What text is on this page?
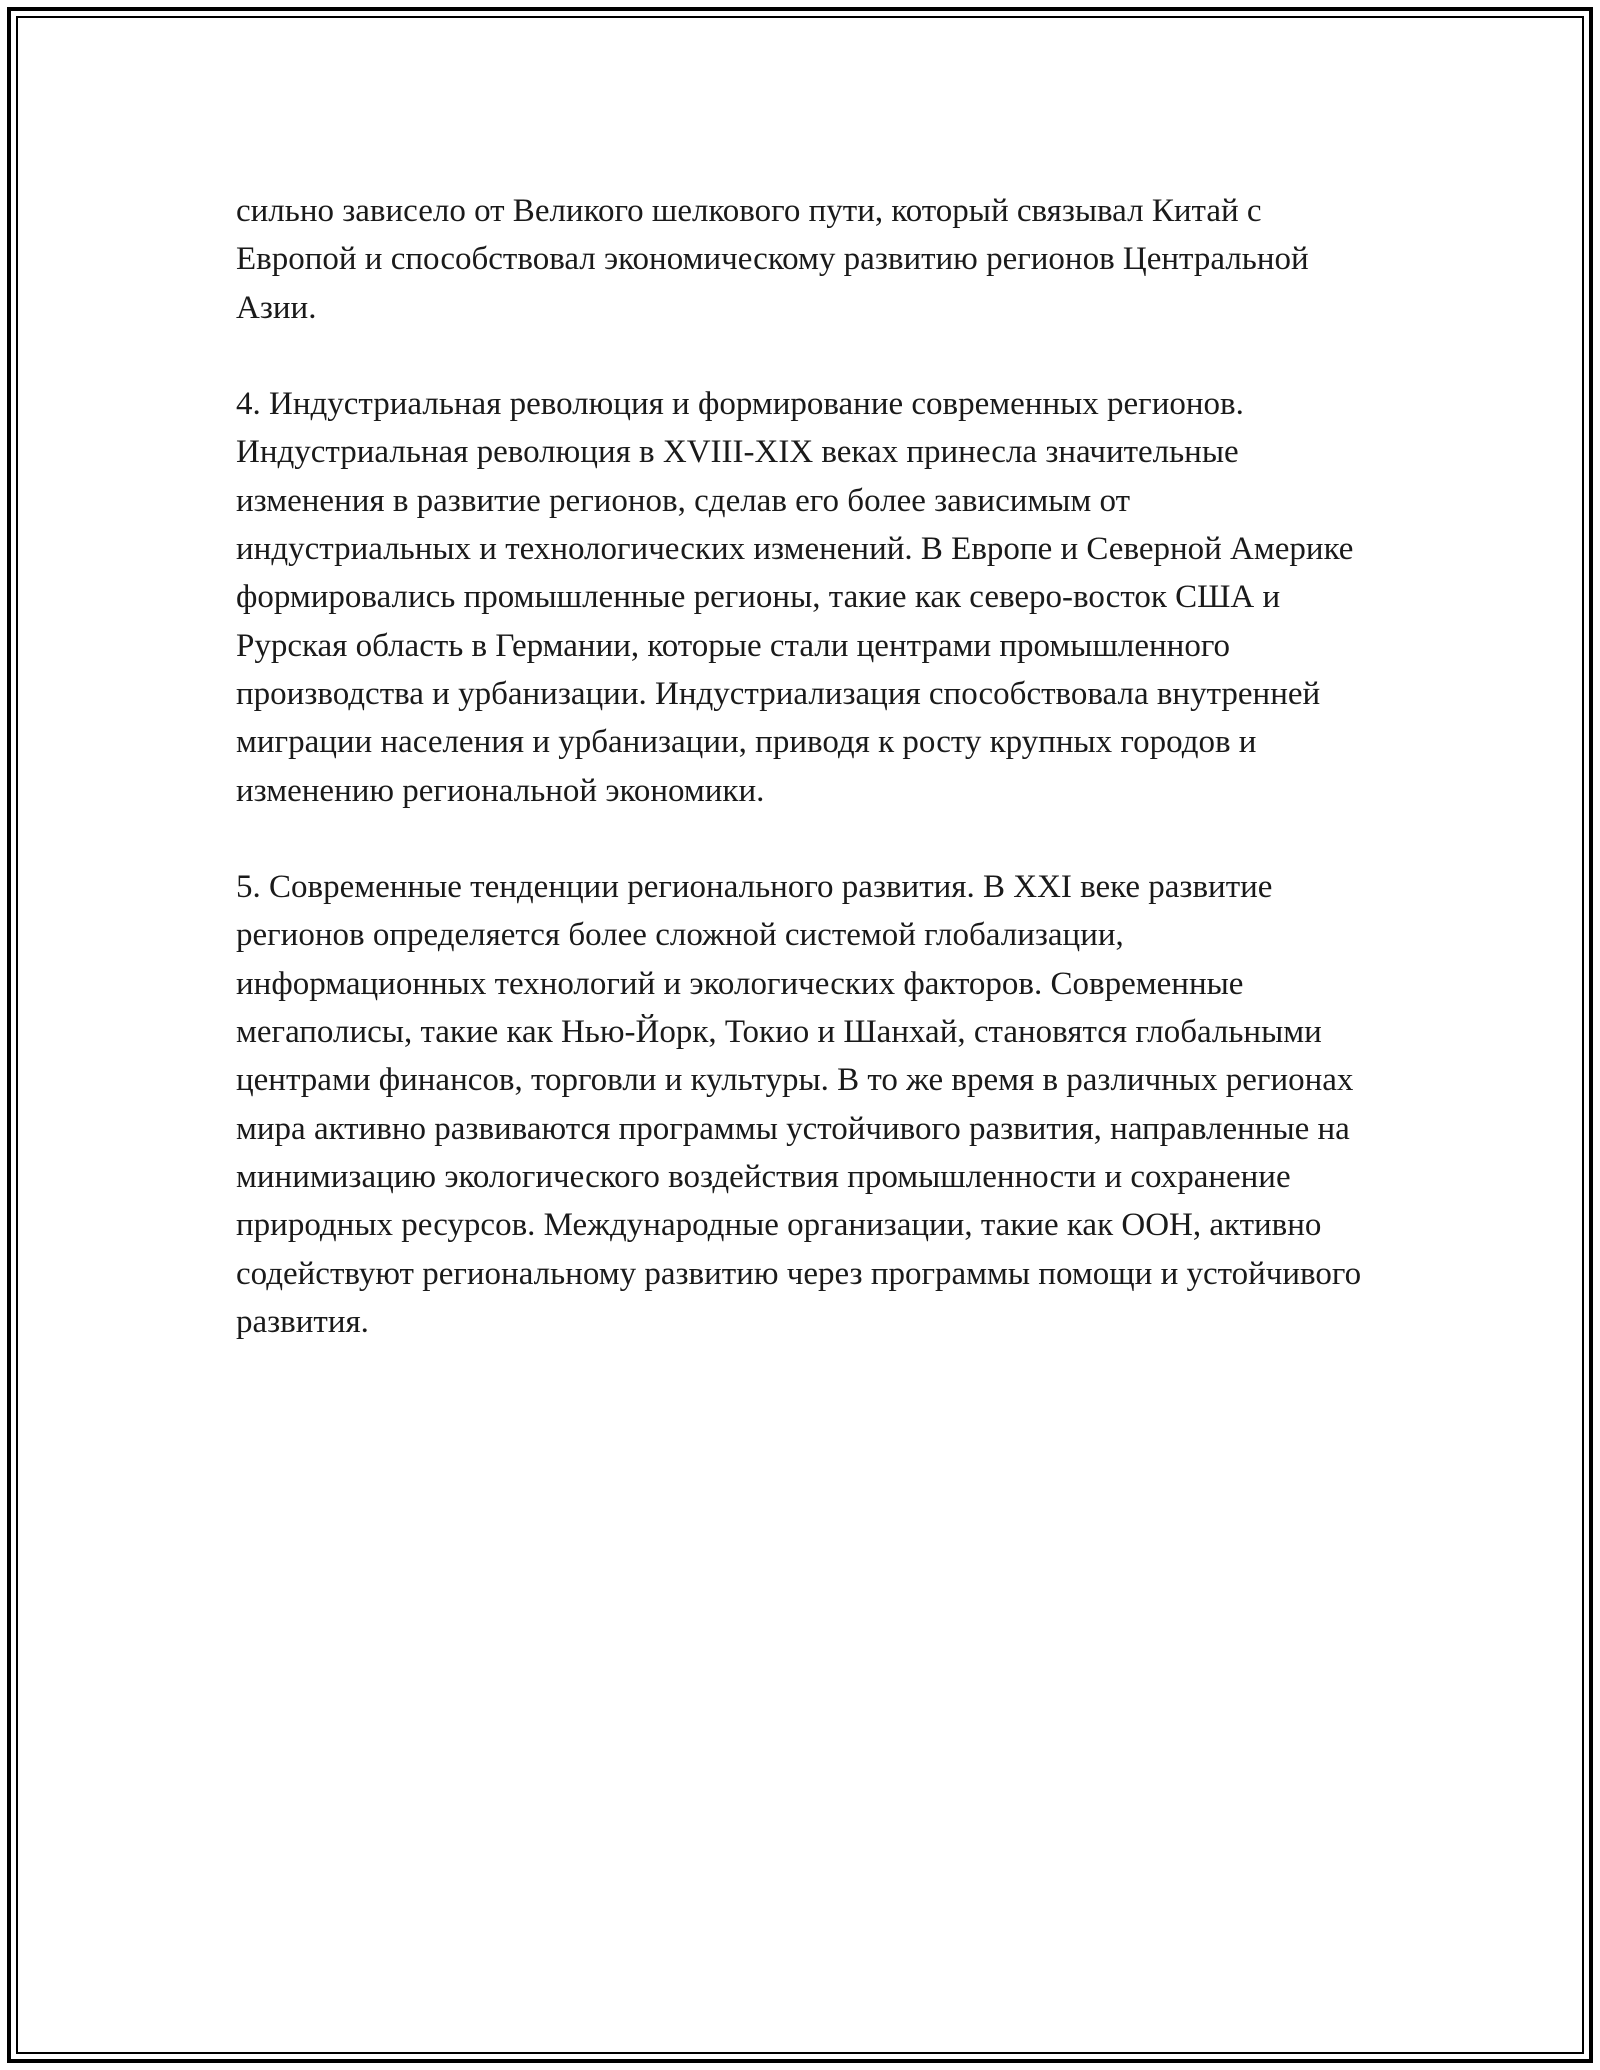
сильно зависело от Великого шелкового пути, который связывал Китай с Европой и способствовал экономическому развитию регионов Центральной Азии.

4. Индустриальная революция и формирование современных регионов. Индустриальная революция в XVIII-XIX веках принесла значительные изменения в развитие регионов, сделав его более зависимым от индустриальных и технологических изменений. В Европе и Северной Америке формировались промышленные регионы, такие как северо-восток США и Рурская область в Германии, которые стали центрами промышленного производства и урбанизации. Индустриализация способствовала внутренней миграции населения и урбанизации, приводя к росту крупных городов и изменению региональной экономики.

5. Современные тенденции регионального развития. В XXI веке развитие регионов определяется более сложной системой глобализации, информационных технологий и экологических факторов. Современные мегаполисы, такие как Нью-Йорк, Токио и Шанхай, становятся глобальными центрами финансов, торговли и культуры. В то же время в различных регионах мира активно развиваются программы устойчивого развития, направленные на минимизацию экологического воздействия промышленности и сохранение природных ресурсов. Международные организации, такие как ООН, активно содействуют региональному развитию через программы помощи и устойчивого развития.
